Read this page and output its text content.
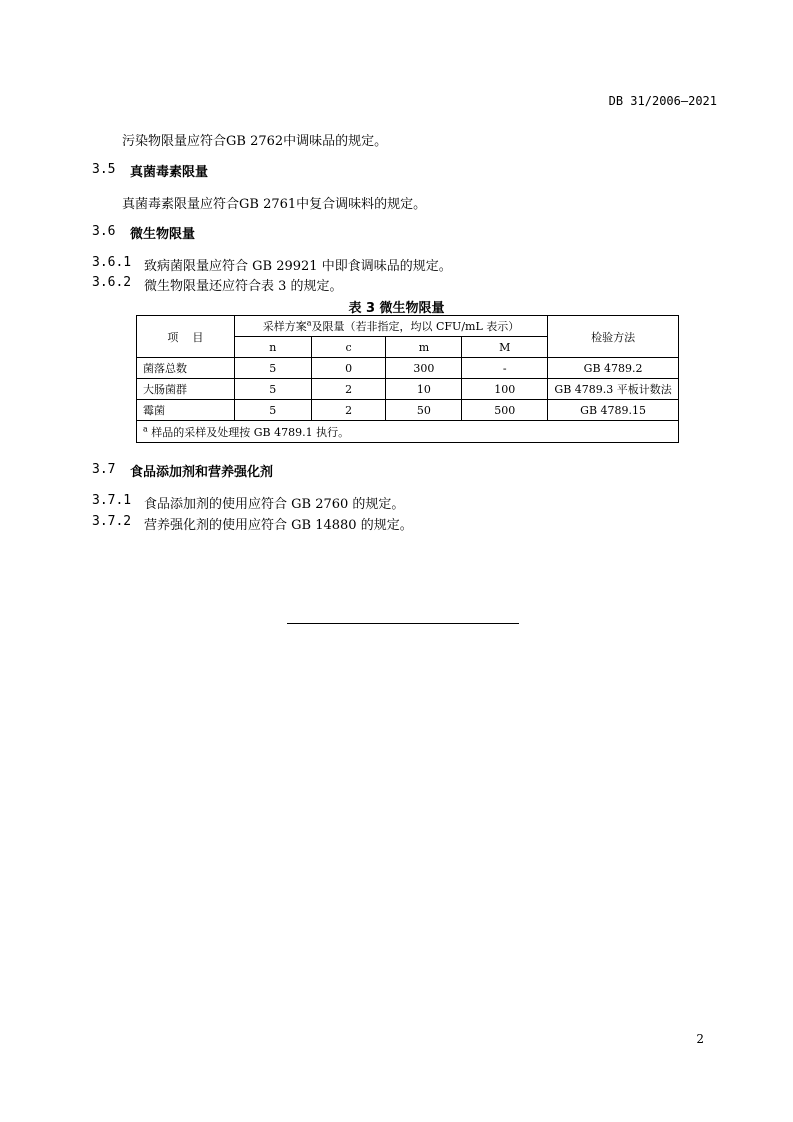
DB 31/2006—2021
污染物限量应符合GB 2762中调味品的规定。
3.5 真菌毒素限量
真菌毒素限量应符合GB 2761中复合调味料的规定。
3.6 微生物限量
3.6.1 致病菌限量应符合 GB 29921 中即食调味品的规定。
3.6.2 微生物限量还应符合表 3 的规定。
表 3 微生物限量
项    目	采样方案$^a$及限量（若非指定，均以 CFU/mL 表示）				检验方法
	n	c	m	M	
菌落总数	5	0	300	-	GB 4789.2
大肠菌群	5	2	10	100	GB 4789.3 平板计数法
霉菌	5	2	50	500	GB 4789.15
$^a$ 样品的采样及处理按 GB 4789.1 执行。					
3.7 食品添加剂和营养强化剂
3.7.1 食品添加剂的使用应符合 GB 2760 的规定。
3.7.2 营养强化剂的使用应符合 GB 14880 的规定。
2
